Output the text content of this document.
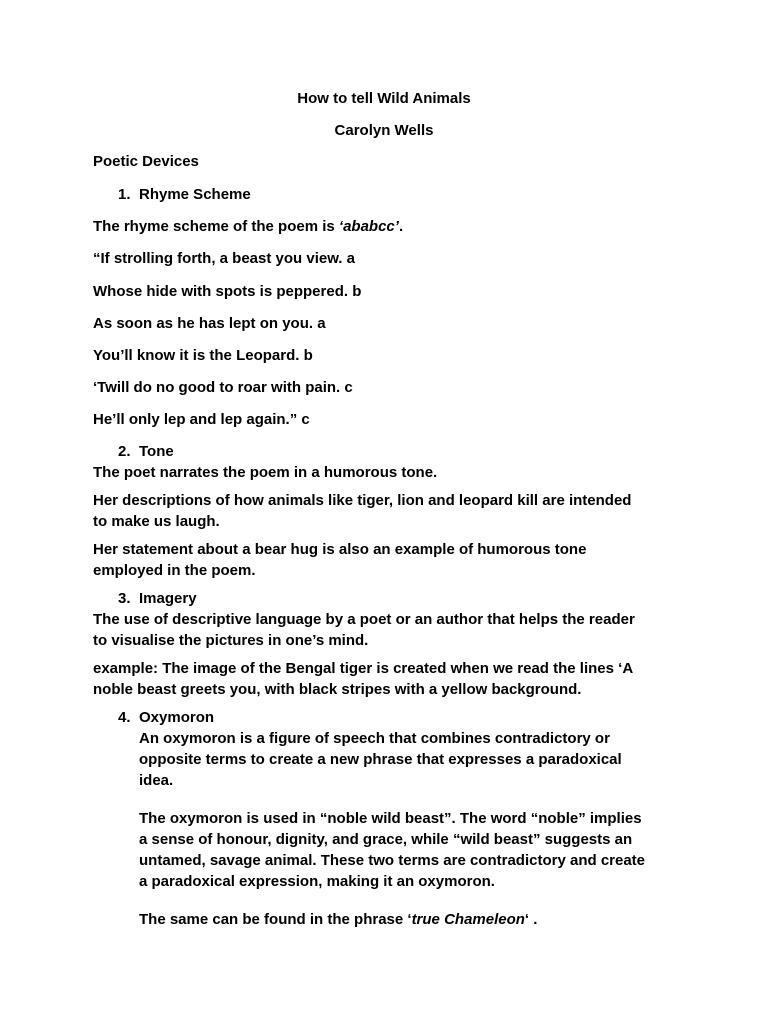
How to tell Wild Animals
Carolyn Wells
Poetic Devices
1. Rhyme Scheme
The rhyme scheme of the poem is ‘ababcc’.
“If strolling forth, a beast you view. a
Whose hide with spots is peppered. b
As soon as he has lept on you. a
You’ll know it is the Leopard. b
‘Twill do no good to roar with pain. c
He’ll only lep and lep again.” c
2. Tone
The poet narrates the poem in a humorous tone.
Her descriptions of how animals like tiger, lion and leopard kill are intended
to make us laugh.
Her statement about a bear hug is also an example of humorous tone
employed in the poem.
3. Imagery
The use of descriptive language by a poet or an author that helps the reader
to visualise the pictures in one’s mind.
example: The image of the Bengal tiger is created when we read the lines ‘A
noble beast greets you, with black stripes with a yellow background.
4. Oxymoron
An oxymoron is a figure of speech that combines contradictory or
opposite terms to create a new phrase that expresses a paradoxical
idea.
The oxymoron is used in “noble wild beast”. The word “noble” implies
a sense of honour, dignity, and grace, while “wild beast” suggests an
untamed, savage animal. These two terms are contradictory and create
a paradoxical expression, making it an oxymoron.
The same can be found in the phrase ‘true Chameleon‘ .
